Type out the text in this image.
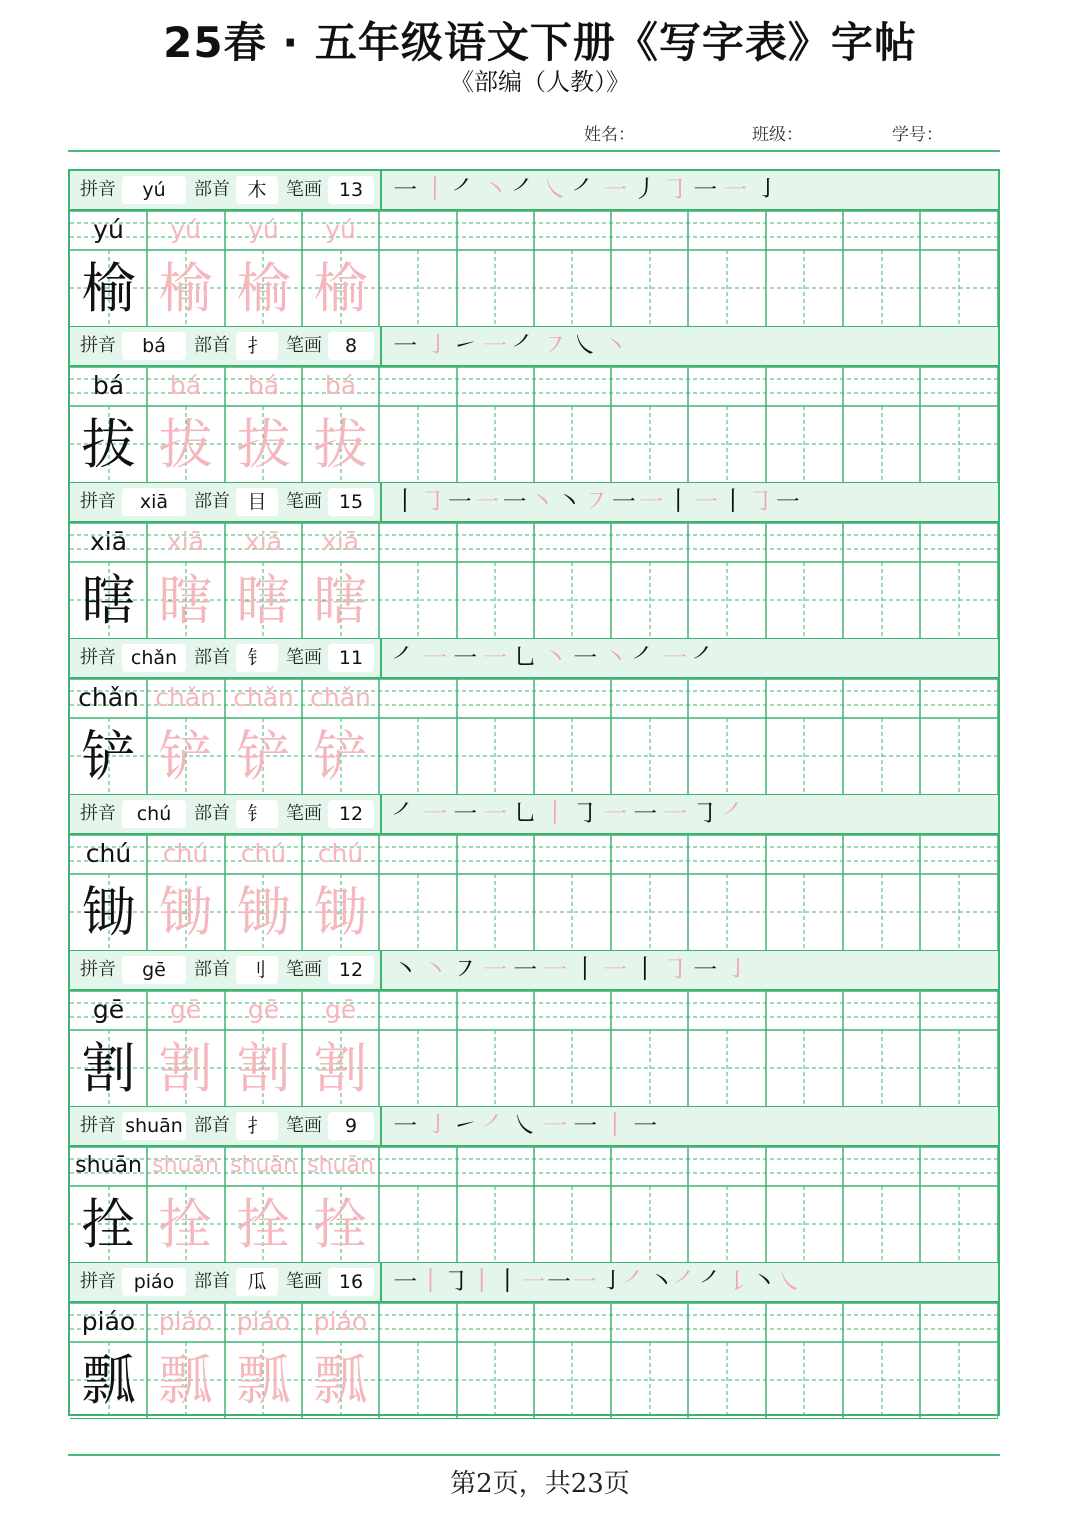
25春 · 五年级语文下册《写字表》字帖
《部编（人教）》
姓名：	班级：	学号：
拼音	yú	部首 木	笔画 13	㇐ 丨 ㇒ ㇔ ㇒ ㇏ ㇒ ㇐ ㇓ ㇆ ㇐ ㇐ ㇚
yú	yú	yú	yú
榆 榆 榆 榆
拼音	bá	部首 扌	笔画	8	㇐ ㇚ ㇀ ㇐ ㇒ ㇇ ㇏ ㇔
bá	bá	bá	bá
拔 拔 拔 拔
拼音	xiā	部首 目	笔画 15	丨 ㇆ ㇐ ㇐ ㇐ ㇔ ㇔ ㇇ ㇐ ㇐ 丨 ㇐ 丨 ㇆ ㇐
xiā	xiā	xiā	xiā
瞎 瞎 瞎 瞎
拼音 chǎn 部首 钅	笔画 11	㇒ ㇐ ㇐ ㇐ ㇟ ㇔ ㇐ ㇔ ㇒ ㇐ ㇒
chǎn chǎn chǎn chǎn
铲 铲 铲 铲
拼音	chú	部首 钅	笔画 12	㇒ ㇐ ㇐ ㇐ ㇟ 丨 ㇆ ㇐ ㇐ ㇐ ㇆ ㇒
chú	chú	chú	chú
锄 锄 锄 锄
拼音	gē	部首 刂	笔画 12	㇔ ㇔ ㇇ ㇐ ㇐ ㇐ 丨 ㇐ 丨 ㇆ ㇐ ㇚
gē	gē	gē	gē
割 割 割 割
拼音 shuān 部首 扌	笔画	9	㇐ ㇚ ㇀ ㇒ ㇏ ㇐ ㇐ 丨 ㇐
shuān shuān shuān shuān
拴 拴 拴 拴
拼音 piáo	部首 瓜	笔画 16	㇐ 丨 ㇆ 丨 丨 ㇐ ㇐ ㇐ ㇚ ㇒ ㇔ ㇒ ㇒ ㇙ ㇔ ㇏
piáo piáo piáo piáo
瓢 瓢 瓢 瓢
第2页，共23页
